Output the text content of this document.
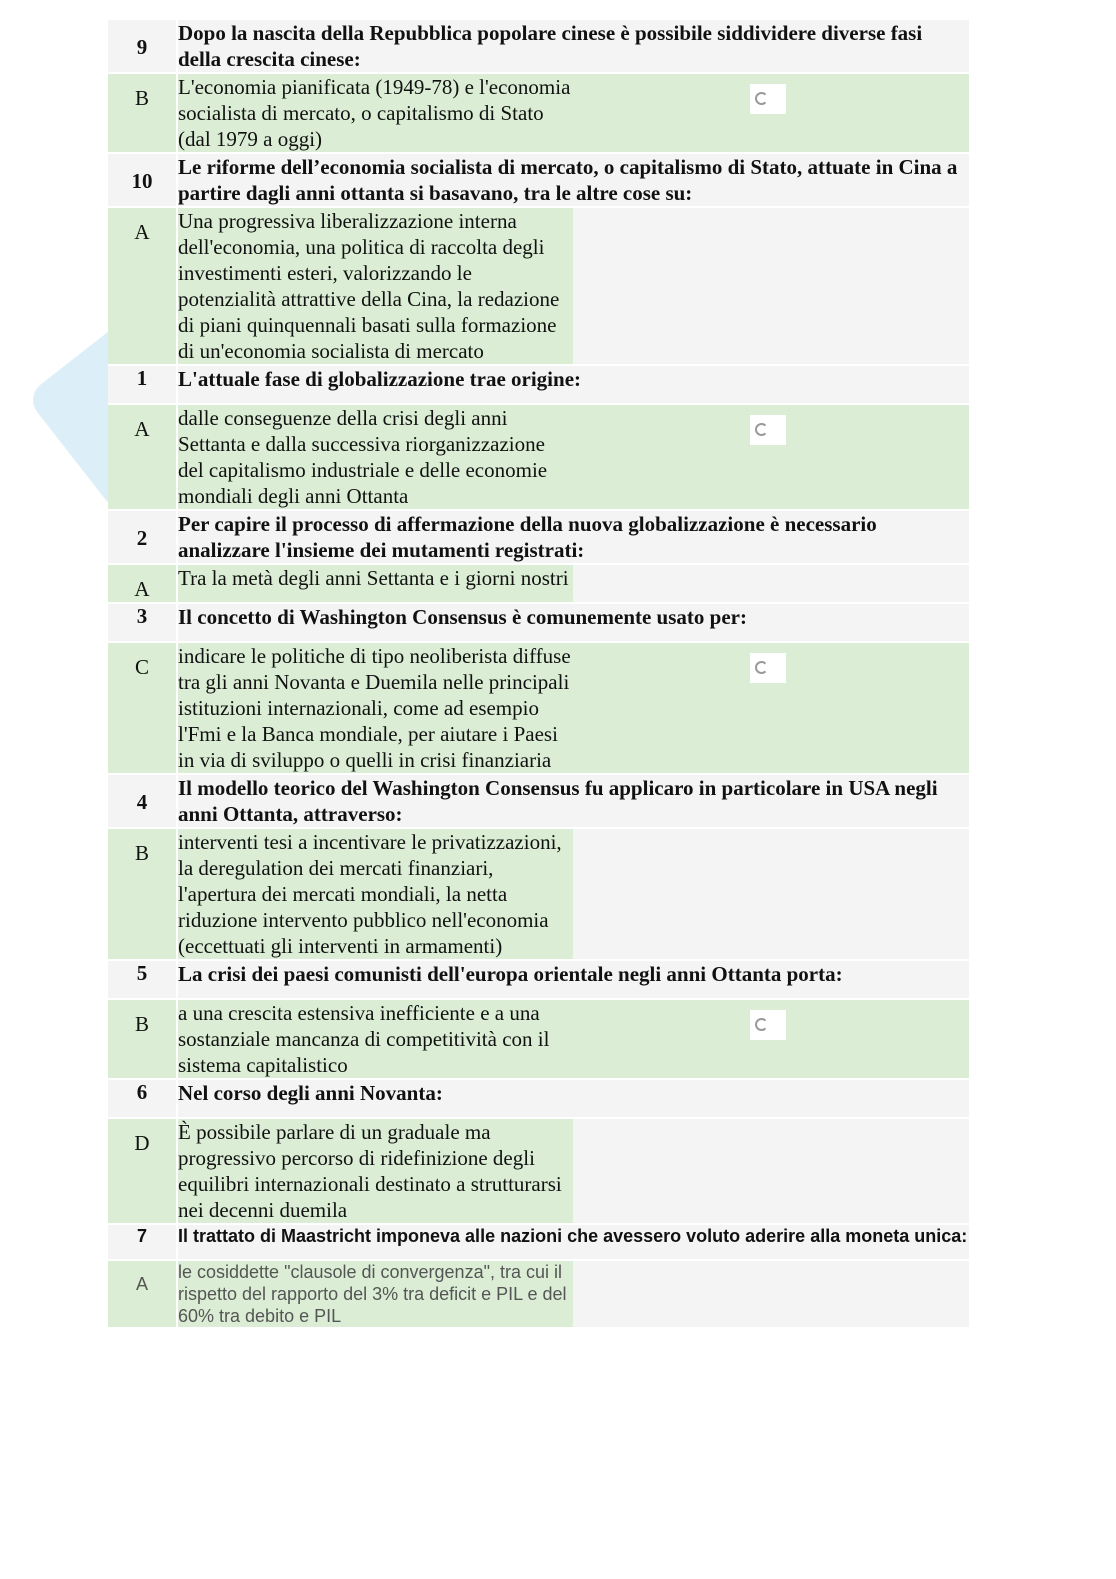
9	Dopo la nascita della Repubblica popolare cinese è possibile siddividere diverse fasi della crescita cinese:	
B	L'economia pianificata (1949-78) e l'economia socialista di mercato, o capitalismo di Stato (dal 1979 a oggi)	

10	Le riforme dell’economia socialista di mercato, o capitalismo di Stato, attuate in Cina a partire dagli anni ottanta si basavano, tra le altre cose su:	
A	Una progressiva liberalizzazione interna dell'economia, una politica di raccolta degli investimenti esteri, valorizzando le potenzialità attrattive della Cina, la redazione di piani quinquennali basati sulla formazione di un'economia socialista di mercato	
1	L'attuale fase di globalizzazione trae origine:	
A	dalle conseguenze della crisi degli anni Settanta e dalla successiva riorganizzazione del capitalismo industriale e delle economie mondiali degli anni Ottanta	

2	Per capire il processo di affermazione della nuova globalizzazione è necessario analizzare l'insieme dei mutamenti registrati:	
A	Tra la metà degli anni Settanta e i giorni nostri	
3	Il concetto di Washington Consensus è comunemente usato per:	
C	indicare le politiche di tipo neoliberista diffuse tra gli anni Novanta e Duemila nelle principali istituzioni internazionali, come ad esempio l'Fmi e la Banca mondiale, per aiutare i Paesi in via di sviluppo o quelli in crisi finanziaria	

4	Il modello teorico del Washington Consensus fu applicaro in particolare in USA negli anni Ottanta, attraverso:	
B	interventi tesi a incentivare le privatizzazioni, la deregulation dei mercati finanziari, l'apertura dei mercati mondiali, la netta riduzione intervento pubblico nell'economia (eccettuati gli interventi in armamenti)	
5	La crisi dei paesi comunisti dell'europa orientale negli anni Ottanta porta:	
B	a una crescita estensiva inefficiente e a una sostanziale mancanza di competitività con il sistema capitalistico	

6	Nel corso degli anni Novanta:	
D	È possibile parlare di un graduale ma progressivo percorso di ridefinizione degli equilibri internazionali destinato a strutturarsi nei decenni duemila	
7	Il trattato di Maastricht imponeva alle nazioni che avessero voluto aderire alla moneta unica:	
A	le cosiddette "clausole di convergenza", tra cui il rispetto del rapporto del 3% tra deficit e PIL e del 60% tra debito e PIL	
